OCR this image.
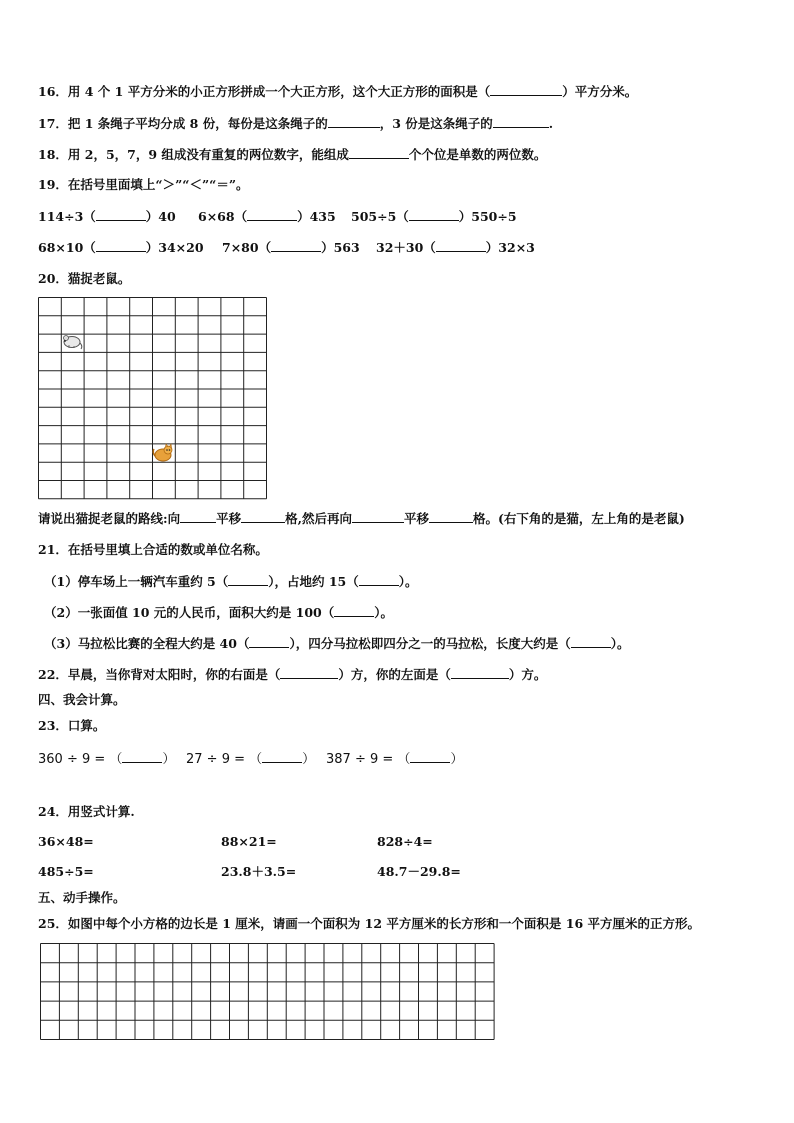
16．用 4 个 1 平方分米的小正方形拼成一个大正方形，这个大正方形的面积是（	）平方分米。
17．把 1 条绳子平均分成 8 份，每份是这条绳子的	，3 份是这条绳子的	.
18．用 2，5，7，9 组成没有重复的两位数字，能组成	个个位是单数的两位数。
19．在括号里面填上“＞”“＜”“＝”。
114÷3（	）40 6×68（	）435 505÷5（	）550÷5
68×10（	）34×20 7×80（	）563 32＋30（	）32×3
20．猫捉老鼠。
请说出猫捉老鼠的路线:向	平移	格,然后再向	平移	格。(右下角的是猫，左上角的是老鼠)
21．在括号里填上合适的数或单位名称。
（1）停车场上一辆汽车重约 5（	），占地约 15（	）。
（2）一张面值 10 元的人民币，面积大约是 100（	）。
（3）马拉松比赛的全程大约是 40（	），四分马拉松即四分之一的马拉松，长度大约是（	）。
22．早晨，当你背对太阳时，你的右面是（	）方，你的左面是（	）方。
四、我会计算。
23．口算。
360 ÷ 9 = （	） 27 ÷ 9 = （	） 387 ÷ 9 = （	）
24．用竖式计算.
36×48=	88×21=	828÷4=
485÷5=	23.8＋3.5=	48.7－29.8=
五、动手操作。
25．如图中每个小方格的边长是 1 厘米，请画一个面积为 12 平方厘米的长方形和一个面积是 16 平方厘米的正方形。
